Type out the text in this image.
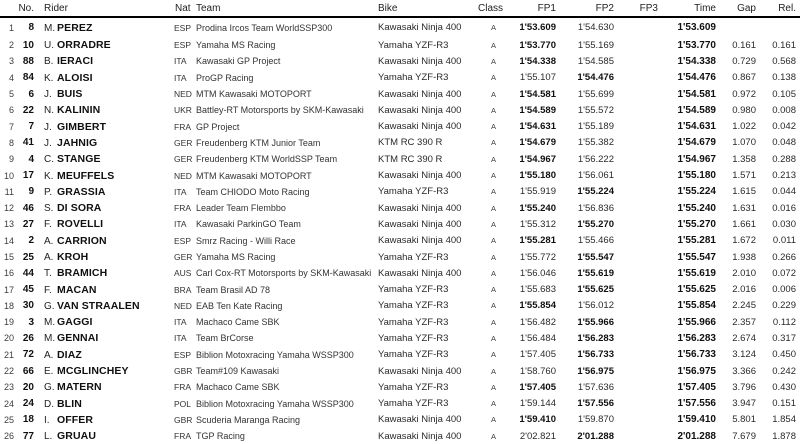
	No.	Rider	Nat	Team	Bike	Class	FP1	FP2	FP3	Time	Gap	Rel.
1	8	M. PEREZ	ESP	Prodina Ircos Team WorldSSP300	Kawasaki Ninja 400	A	1'53.609	1'54.630		1'53.609		
2	10	U. ORRADRE	ESP	Yamaha MS Racing	Yamaha YZF-R3	A	1'53.770	1'55.169		1'53.770	0.161	0.161
3	88	B. IERACI	ITA	Kawasaki GP Project	Kawasaki Ninja 400	A	1'54.338	1'54.585		1'54.338	0.729	0.568
4	84	K. ALOISI	ITA	ProGP Racing	Yamaha YZF-R3	A	1'55.107	1'54.476		1'54.476	0.867	0.138
5	6	J. BUIS	NED	MTM Kawasaki MOTOPORT	Kawasaki Ninja 400	A	1'54.581	1'55.699		1'54.581	0.972	0.105
6	22	N. KALININ	UKR	Battley-RT Motorsports by SKM-Kawasaki	Kawasaki Ninja 400	A	1'54.589	1'55.572		1'54.589	0.980	0.008
7	7	J. GIMBERT	FRA	GP Project	Kawasaki Ninja 400	A	1'54.631	1'55.189		1'54.631	1.022	0.042
8	41	J. JAHNIG	GER	Freudenberg KTM Junior Team	KTM RC 390 R	A	1'54.679	1'55.382		1'54.679	1.070	0.048
9	4	C. STANGE	GER	Freudenberg KTM WorldSSP Team	KTM RC 390 R	A	1'54.967	1'56.222		1'54.967	1.358	0.288
10	17	K. MEUFFELS	NED	MTM Kawasaki MOTOPORT	Kawasaki Ninja 400	A	1'55.180	1'56.061		1'55.180	1.571	0.213
11	9	P. GRASSIA	ITA	Team CHIODO Moto Racing	Yamaha YZF-R3	A	1'55.919	1'55.224		1'55.224	1.615	0.044
12	46	S. DI SORA	FRA	Leader Team Flembbo	Kawasaki Ninja 400	A	1'55.240	1'56.836		1'55.240	1.631	0.016
13	27	F. ROVELLI	ITA	Kawasaki ParkinGO Team	Kawasaki Ninja 400	A	1'55.312	1'55.270		1'55.270	1.661	0.030
14	2	A. CARRION	ESP	Smrz Racing - Willi Race	Kawasaki Ninja 400	A	1'55.281	1'55.466		1'55.281	1.672	0.011
15	25	A. KROH	GER	Yamaha MS Racing	Yamaha YZF-R3	A	1'55.772	1'55.547		1'55.547	1.938	0.266
16	44	T. BRAMICH	AUS	Carl Cox-RT Motorsports by SKM-Kawasaki	Kawasaki Ninja 400	A	1'56.046	1'55.619		1'55.619	2.010	0.072
17	45	F. MACAN	BRA	Team Brasil AD 78	Yamaha YZF-R3	A	1'55.683	1'55.625		1'55.625	2.016	0.006
18	30	G. VAN STRAALEN	NED	EAB Ten Kate Racing	Yamaha YZF-R3	A	1'55.854	1'56.012		1'55.854	2.245	0.229
19	3	M. GAGGI	ITA	Machaco Came SBK	Yamaha YZF-R3	A	1'56.482	1'55.966		1'55.966	2.357	0.112
20	26	M. GENNAI	ITA	Team BrCorse	Yamaha YZF-R3	A	1'56.484	1'56.283		1'56.283	2.674	0.317
21	72	A. DIAZ	ESP	Biblion Motoxracing Yamaha WSSP300	Yamaha YZF-R3	A	1'57.405	1'56.733		1'56.733	3.124	0.450
22	66	E. MCGLINCHEY	GBR	Team#109 Kawasaki	Kawasaki Ninja 400	A	1'58.760	1'56.975		1'56.975	3.366	0.242
23	20	G. MATERN	FRA	Machaco Came SBK	Yamaha YZF-R3	A	1'57.405	1'57.636		1'57.405	3.796	0.430
24	24	D. BLIN	POL	Biblion Motoxracing Yamaha WSSP300	Yamaha YZF-R3	A	1'59.144	1'57.556		1'57.556	3.947	0.151
25	18	I. OFFER	GBR	Scuderia Maranga Racing	Kawasaki Ninja 400	A	1'59.410	1'59.870		1'59.410	5.801	1.854
26	77	L. GRUAU	FRA	TGP Racing	Kawasaki Ninja 400	A	2'02.821	2'01.288		2'01.288	7.679	1.878
